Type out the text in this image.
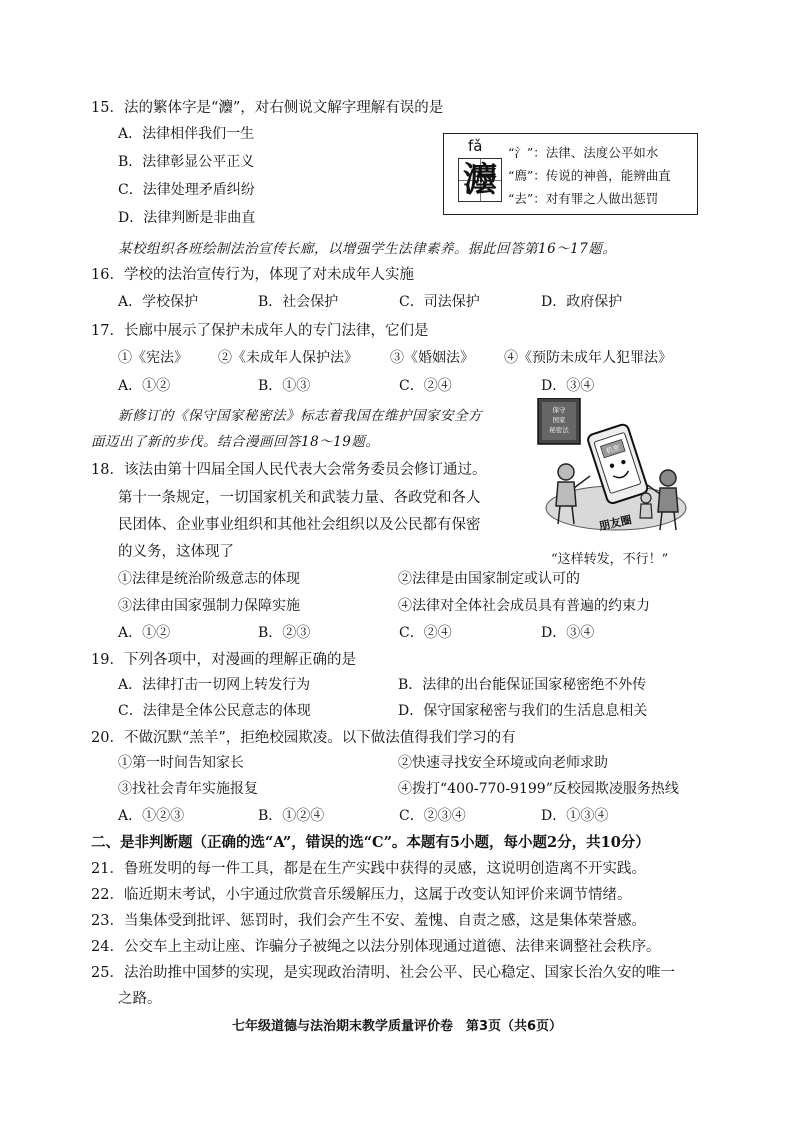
15．法的繁体字是“灋”，对右侧说文解字理解有误的是
A．法律相伴我们一生
B．法律彰显公平正义
C．法律处理矛盾纠纷
D．法律判断是非曲直
fǎ
灋
“氵”：法律、法度公平如水
“廌”：传说的神兽，能辨曲直
“去”：对有罪之人做出惩罚
某校组织各班绘制法治宣传长廊，以增强学生法律素养。据此回答第16～17题。
16．学校的法治宣传行为，体现了对未成年人实施
A．学校保护	B．社会保护	C．司法保护	D．政府保护
17．长廊中展示了保护未成年人的专门法律，它们是
①《宪法》 ②《未成年人保护法》 ③《婚姻法》 ④《预防未成年人犯罪法》
A．①②	B．①③	C．②④	D．③④
新修订的《保守国家秘密法》标志着我国在维护国家安全方
面迈出了新的步伐。结合漫画回答18～19题。
保守
国家
秘密法
机密
朋友圈
“这样转发，不行！”
18．该法由第十四届全国人民代表大会常务委员会修订通过。
第十一条规定，一切国家机关和武装力量、各政党和各人
民团体、企业事业组织和其他社会组织以及公民都有保密
的义务，这体现了
①法律是统治阶级意志的体现	②法律是由国家制定或认可的
③法律由国家强制力保障实施	④法律对全体社会成员具有普遍的约束力
A．①②	B．②③	C．②④	D．③④
19．下列各项中，对漫画的理解正确的是
A．法律打击一切网上转发行为	B．法律的出台能保证国家秘密绝不外传
C．法律是全体公民意志的体现	D．保守国家秘密与我们的生活息息相关
20．不做沉默“羔羊”，拒绝校园欺凌。以下做法值得我们学习的有
①第一时间告知家长	②快速寻找安全环境或向老师求助
③找社会青年实施报复	④拨打“400-770-9199”反校园欺凌服务热线
A．①②③	B．①②④	C．②③④	D．①③④
二、是非判断题（正确的选“A”，错误的选“C”。本题有5小题，每小题2分，共10分）
21．鲁班发明的每一件工具，都是在生产实践中获得的灵感，这说明创造离不开实践。
22．临近期末考试，小宇通过欣赏音乐缓解压力，这属于改变认知评价来调节情绪。
23．当集体受到批评、惩罚时，我们会产生不安、羞愧、自责之感，这是集体荣誉感。
24．公交车上主动让座、诈骗分子被绳之以法分别体现通过道德、法律来调整社会秩序。
25．法治助推中国梦的实现，是实现政治清明、社会公平、民心稳定、国家长治久安的唯一
之路。
七年级道德与法治期末教学质量评价卷　第3页（共6页）
